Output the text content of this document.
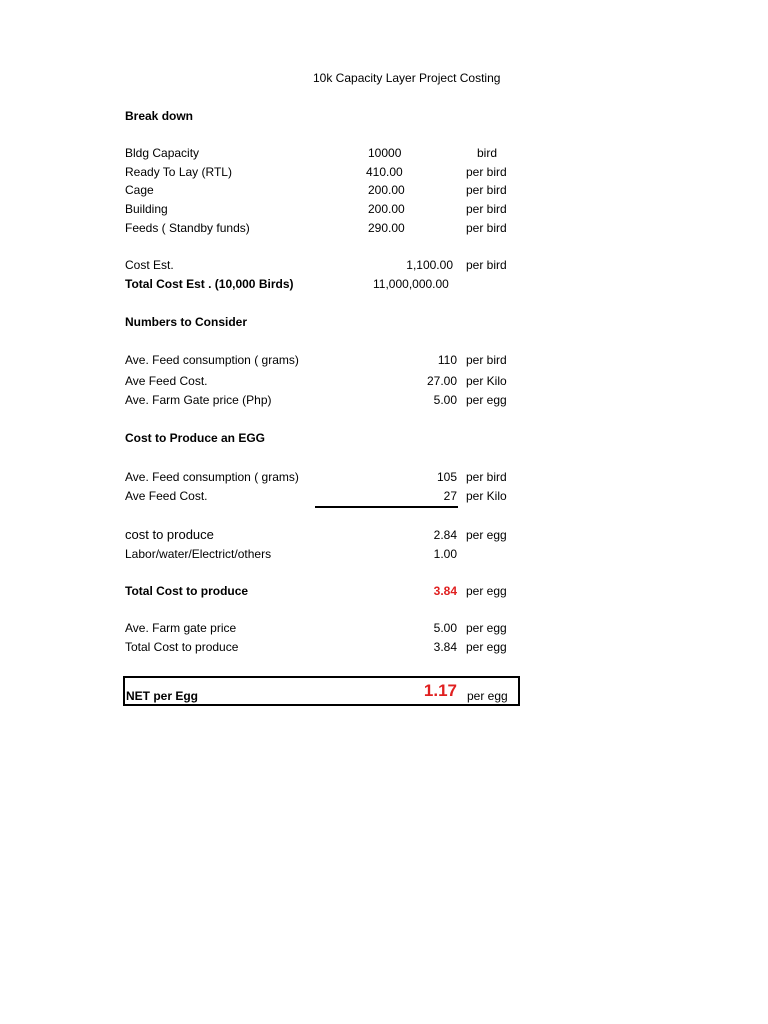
10k Capacity Layer Project Costing
Break down
Bldg Capacity	10000	bird
Ready To Lay (RTL)	410.00	per bird
Cage	200.00	per bird
Building	200.00	per bird
Feeds ( Standby funds)	290.00	per bird
Cost Est.	1,100.00 per bird
Total Cost Est . (10,000 Birds)	11,000,000.00
Numbers to Consider
Ave. Feed consumption ( grams)	110 per bird
Ave Feed Cost.	27.00 per Kilo
Ave. Farm Gate price (Php)	5.00 per egg
Cost to Produce an EGG
Ave. Feed consumption ( grams)	105 per bird
Ave Feed Cost.	27 per Kilo
cost to produce	2.84 per egg
Labor/water/Electrict/others	1.00
Total Cost to produce	3.84 per egg
Ave. Farm gate price	5.00 per egg
Total Cost to produce	3.84 per egg
NET per Egg	1.17 per egg
